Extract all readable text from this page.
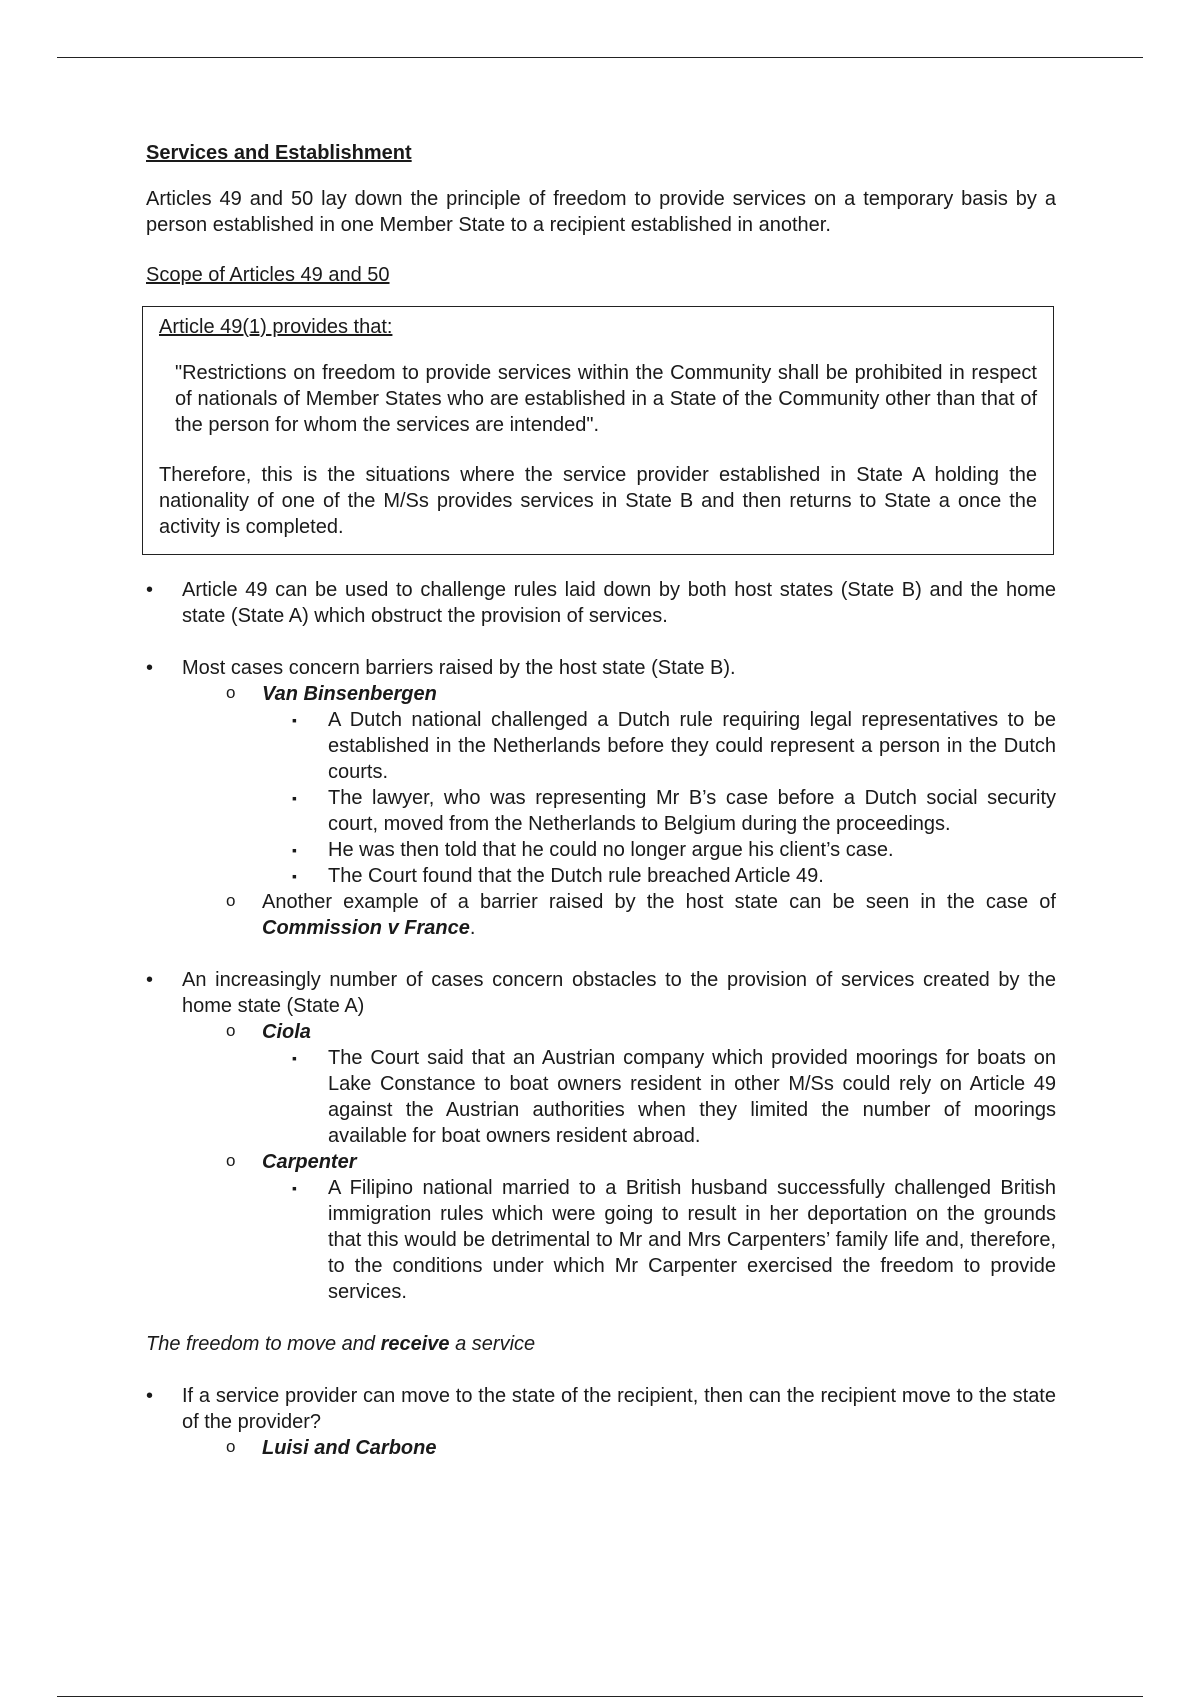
Services and Establishment

Articles 49 and 50 lay down the principle of freedom to provide services on a temporary basis by a person established in one Member State to a recipient established in another.

Scope of Articles 49 and 50

Article 49(1) provides that:

"Restrictions on freedom to provide services within the Community shall be prohibited in respect of nationals of Member States who are established in a State of the Community other than that of the person for whom the services are intended".

Therefore, this is the situations where the service provider established in State A holding the nationality of one of the M/Ss provides services in State B and then returns to State a once the activity is completed.

• Article 49 can be used to challenge rules laid down by both host states (State B) and the home state (State A) which obstruct the provision of services.

• Most cases concern barriers raised by the host state (State B).

o Van Binsenbergen
▪ A Dutch national challenged a Dutch rule requiring legal representatives to be established in the Netherlands before they could represent a person in the Dutch courts.
▪ The lawyer, who was representing Mr B’s case before a Dutch social security court, moved from the Netherlands to Belgium during the proceedings.
▪ He was then told that he could no longer argue his client’s case.
▪ The Court found that the Dutch rule breached Article 49.

o Another example of a barrier raised by the host state can be seen in the case of Commission v France.

• An increasingly number of cases concern obstacles to the provision of services created by the home state (State A)

o Ciola
▪ The Court said that an Austrian company which provided moorings for boats on Lake Constance to boat owners resident in other M/Ss could rely on Article 49 against the Austrian authorities when they limited the number of moorings available for boat owners resident abroad.
o Carpenter
▪ A Filipino national married to a British husband successfully challenged British immigration rules which were going to result in her deportation on the grounds that this would be detrimental to Mr and Mrs Carpenters’ family life and, therefore, to the conditions under which Mr Carpenter exercised the freedom to provide services.

The freedom to move and receive a service

• If a service provider can move to the state of the recipient, then can the recipient move to the state of the provider?

o Luisi and Carbone
